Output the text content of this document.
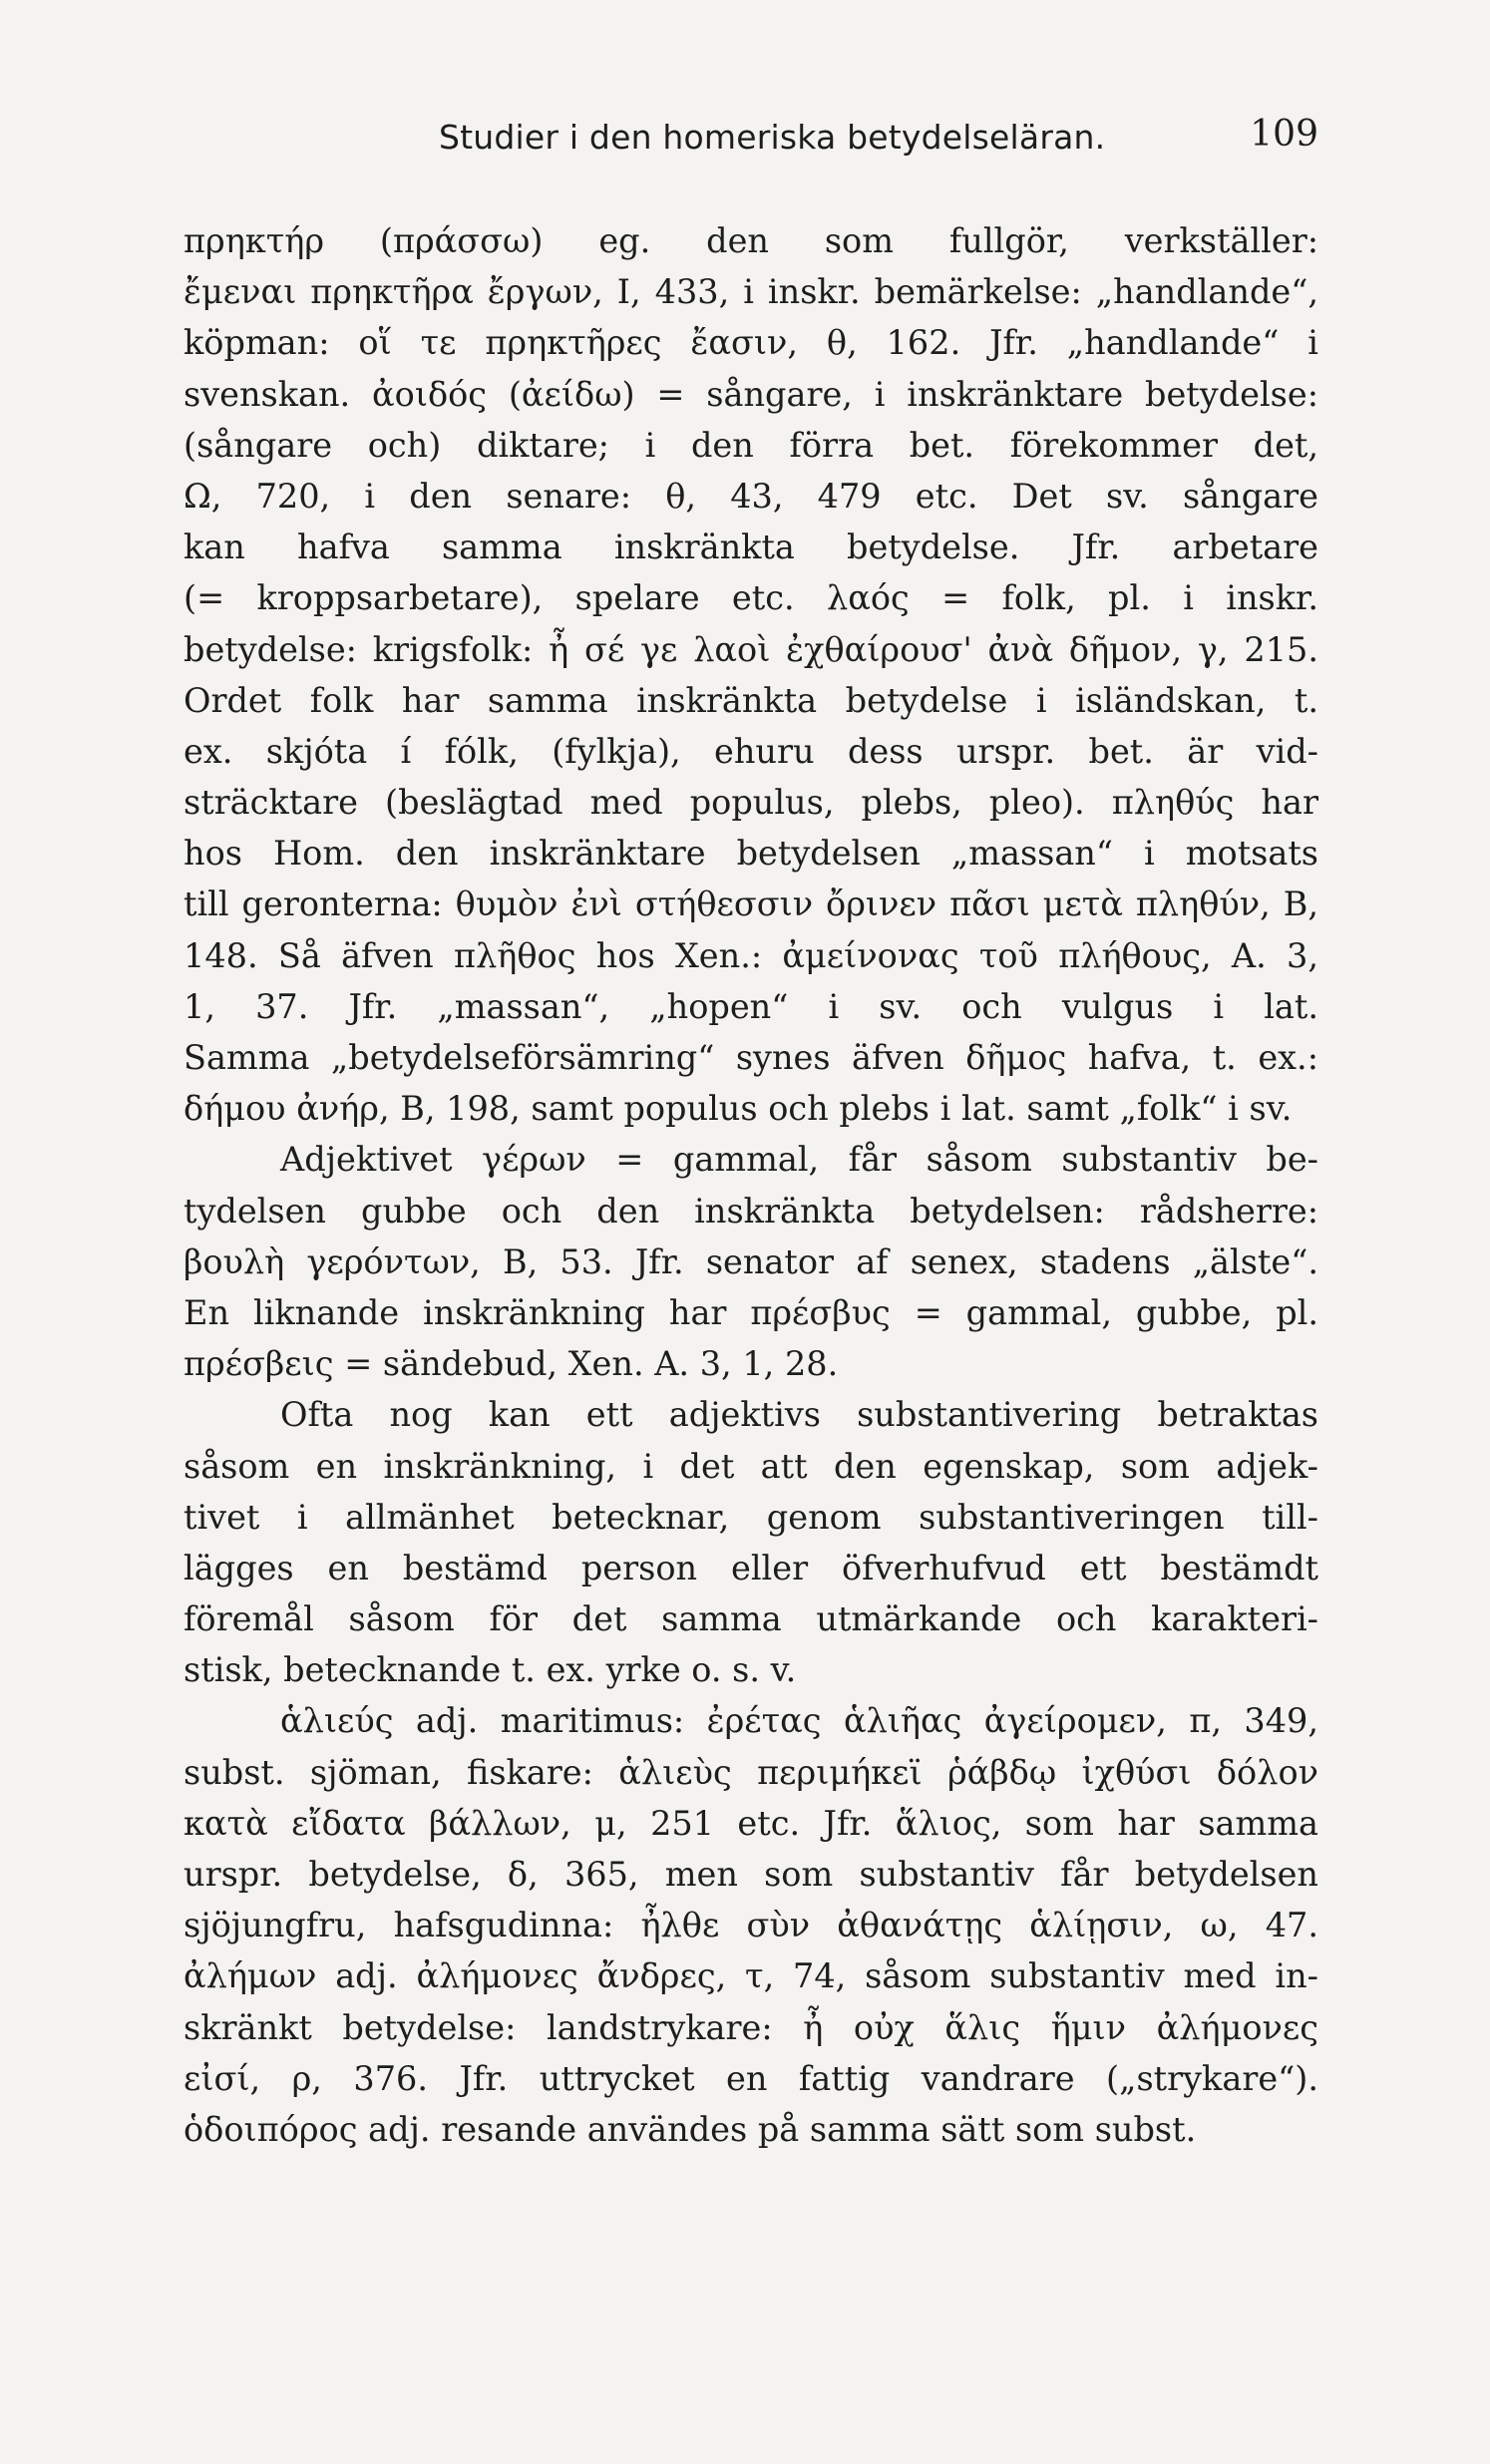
Studier i den homeriska betydelseläran.	109
πρηκτήρ (πράσσω) eg. den som fullgör, verkställer:
ἔμεναι πρηκτῆρα ἔργων, I, 433, i inskr. bemärkelse: „handlande“,
köpman: οἵ τε πρηκτῆρες ἔασιν, θ, 162. Jfr. „handlande“ i
svenskan. ἀοιδός (ἀείδω) = sångare, i inskränktare betydelse:
(sångare och) diktare; i den förra bet. förekommer det,
Ω, 720, i den senare: θ, 43, 479 etc. Det sv. sångare
kan hafva samma inskränkta betydelse. Jfr. arbetare
(= kroppsarbetare), spelare etc. λαός = folk, pl. i inskr.
betydelse: krigsfolk: ἦ σέ γε λαοὶ ἐχθαίρουσ' ἀνὰ δῆμον, γ, 215.
Ordet folk har samma inskränkta betydelse i isländskan, t.
ex. skjóta í fólk, (fylkja), ehuru dess urspr. bet. är vid-
sträcktare (beslägtad med populus, plebs, pleo). πληθύς har
hos Hom. den inskränktare betydelsen „massan“ i motsats
till geronterna: θυμὸν ἐνὶ στήθεσσιν ὄρινεν πᾶσι μετὰ πληθύν, B,
148. Så äfven πλῆθος hos Xen.: ἀμείνονας τοῦ πλήθους, A. 3,
1, 37. Jfr. „massan“, „hopen“ i sv. och vulgus i lat.
Samma „betydelseförsämring“ synes äfven δῆμος hafva, t. ex.:
δήμου ἀνήρ, B, 198, samt populus och plebs i lat. samt „folk“ i sv.
Adjektivet γέρων = gammal, får såsom substantiv be-
tydelsen gubbe och den inskränkta betydelsen: rådsherre:
βουλὴ γερόντων, B, 53. Jfr. senator af senex, stadens „älste“.
En liknande inskränkning har πρέσβυς = gammal, gubbe, pl.
πρέσβεις = sändebud, Xen. A. 3, 1, 28.
Ofta nog kan ett adjektivs substantivering betraktas
såsom en inskränkning, i det att den egenskap, som adjek-
tivet i allmänhet betecknar, genom substantiveringen till-
lägges en bestämd person eller öfverhufvud ett bestämdt
föremål såsom för det samma utmärkande och karakteri-
stisk, betecknande t. ex. yrke o. s. v.
ἁλιεύς adj. maritimus: ἐρέτας ἁλιῆας ἀγείρομεν, π, 349,
subst. sjöman, fiskare: ἁλιεὺς περιμήκεϊ ῥάβδῳ ἰχθύσι δόλον
κατὰ εἴδατα βάλλων, μ, 251 etc. Jfr. ἅλιος, som har samma
urspr. betydelse, δ, 365, men som substantiv får betydelsen
sjöjungfru, hafsgudinna: ἦλθε σὺν ἀθανάτῃς ἁλίῃσιν, ω, 47.
ἀλήμων adj. ἀλήμονες ἄνδρες, τ, 74, såsom substantiv med in-
skränkt betydelse: landstrykare: ἦ οὐχ ἅλις ἥμιν ἀλήμονες
εἰσί, ρ, 376. Jfr. uttrycket en fattig vandrare („strykare“).
ὁδοιπόρος adj. resande användes på samma sätt som subst.
